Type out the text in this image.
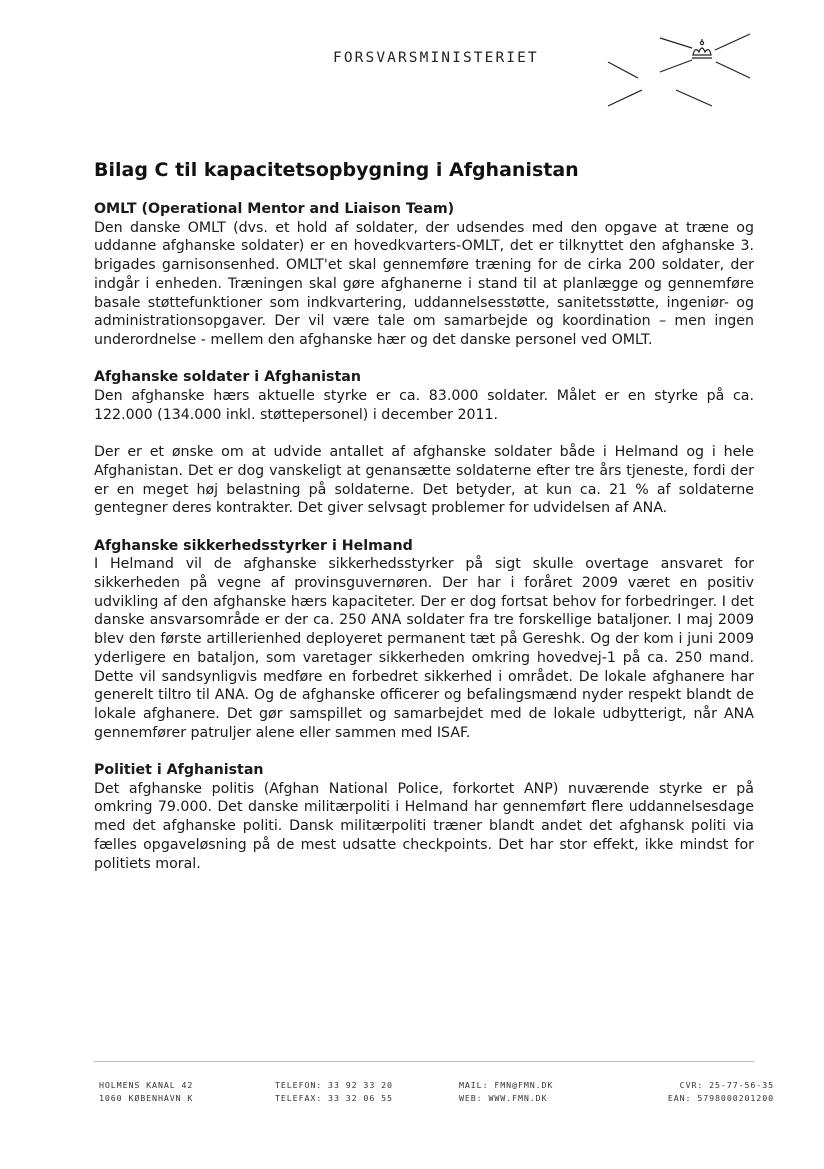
FORSVARSMINISTERIET
Bilag C til kapacitetsopbygning i Afghanistan
OMLT (Operational Mentor and Liaison Team)

Den danske OMLT (dvs. et hold af soldater, der udsendes med den opgave at træne og uddanne afghanske soldater) er en hovedkvarters-OMLT, det er tilknyttet den afghanske 3. brigades garnisonsenhed. OMLT'et skal gennemføre træning for de cirka 200 soldater, der indgår i enheden. Træningen skal gøre afghanerne i stand til at planlægge og gennemføre basale støttefunktioner som indkvartering, uddannelsesstøtte, sanitetsstøtte, ingeniør- og administrationsopgaver. Der vil være tale om samarbejde og koordination – men ingen underordnelse - mellem den afghanske hær og det danske personel ved OMLT.

Afghanske soldater i Afghanistan

Den afghanske hærs aktuelle styrke er ca. 83.000 soldater. Målet er en styrke på ca. 122.000 (134.000 inkl. støttepersonel) i december 2011.

Der er et ønske om at udvide antallet af afghanske soldater både i Helmand og i hele Afghanistan. Det er dog vanskeligt at genansætte soldaterne efter tre års tjeneste, fordi der er en meget høj belastning på soldaterne. Det betyder, at kun ca. 21 % af soldaterne gentegner deres kontrakter. Det giver selvsagt problemer for udvidelsen af ANA.

Afghanske sikkerhedsstyrker i Helmand

I Helmand vil de afghanske sikkerhedsstyrker på sigt skulle overtage ansvaret for sikkerheden på vegne af provinsguvernøren. Der har i foråret 2009 været en positiv udvikling af den afghanske hærs kapaciteter. Der er dog fortsat behov for forbedringer. I det danske ansvarsområde er der ca. 250 ANA soldater fra tre forskellige bataljoner. I maj 2009 blev den første artillerienhed deployeret permanent tæt på Gereshk. Og der kom i juni 2009 yderligere en bataljon, som varetager sikkerheden omkring hovedvej-1 på ca. 250 mand. Dette vil sandsynligvis medføre en forbedret sikkerhed i området. De lokale afghanere har generelt tiltro til ANA. Og de afghanske officerer og befalingsmænd nyder respekt blandt de lokale afghanere. Det gør samspillet og samarbejdet med de lokale udbytterigt, når ANA gennemfører patruljer alene eller sammen med ISAF.

Politiet i Afghanistan

Det afghanske politis (Afghan National Police, forkortet ANP) nuværende styrke er på omkring 79.000. Det danske militærpoliti i Helmand har gennemført flere uddannelsesdage med det afghanske politi. Dansk militærpoliti træner blandt andet det afghansk politi via fælles opgaveløsning på de mest udsatte checkpoints. Det har stor effekt, ikke mindst for politiets moral.

HOLMENS KANAL 42
1060 KØBENHAVN K
TELEFON: 33 92 33 20
TELEFAX: 33 32 06 55
MAIL: FMN@FMN.DK
WEB: WWW.FMN.DK
CVR: 25-77-56-35
EAN: 5798000201200
